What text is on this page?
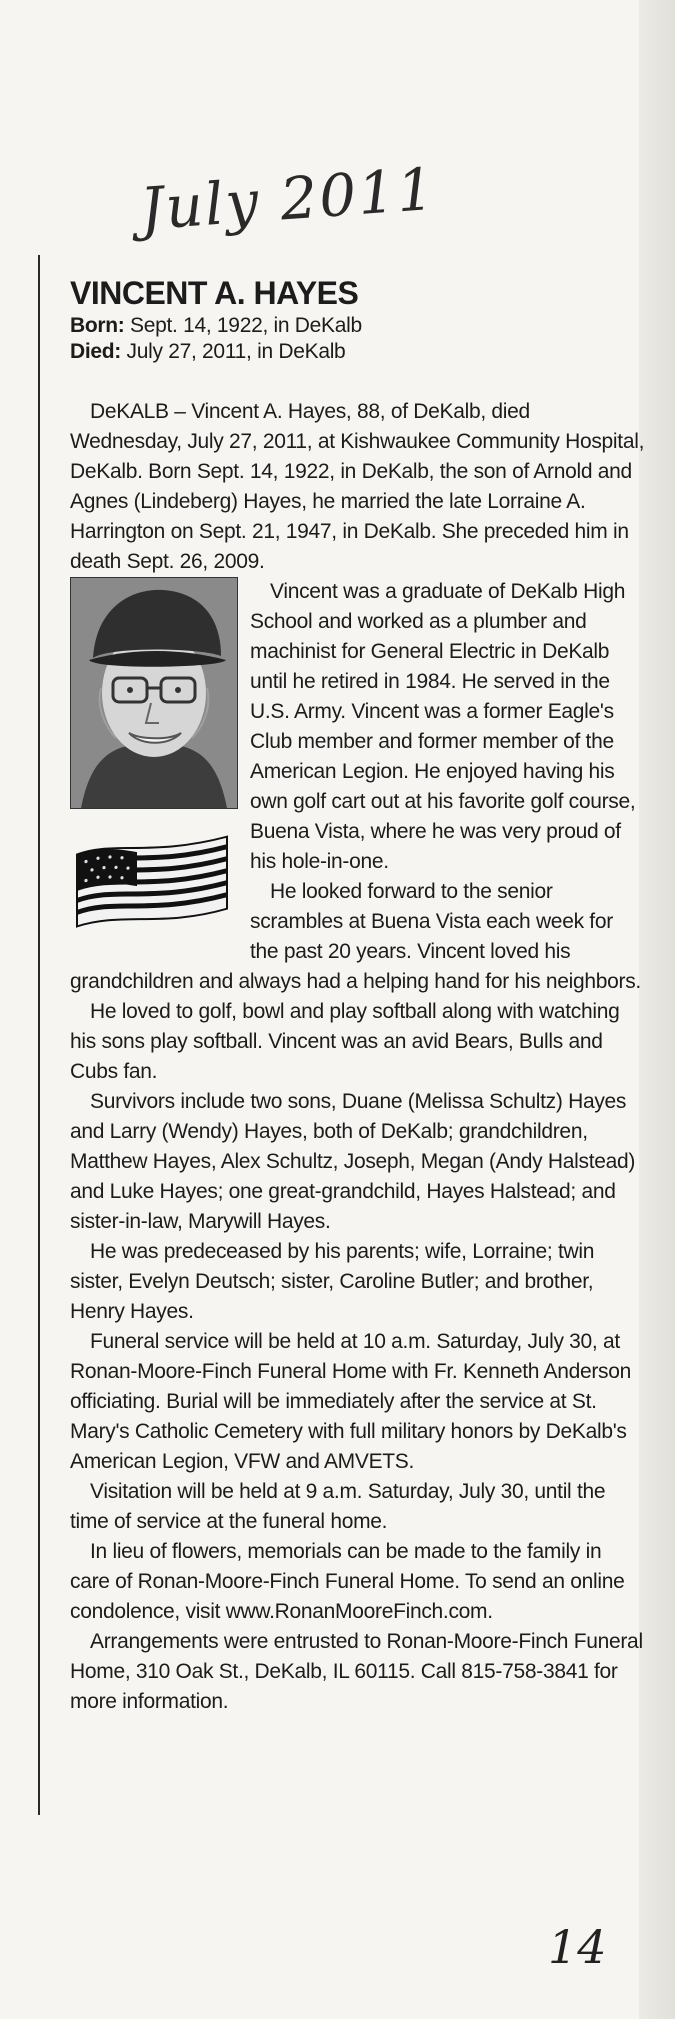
July 2011
VINCENT A. HAYES

Born: Sept. 14, 1922, in DeKalb

Died: July 27, 2011, in DeKalb

DeKALB – Vincent A. Hayes, 88, of DeKalb, died Wednesday, July 27, 2011, at Kishwaukee Community Hospital, DeKalb. Born Sept. 14, 1922, in DeKalb, the son of Arnold and Agnes (Lindeberg) Hayes, he married the late Lorraine A. Harrington on Sept. 21, 1947, in DeKalb. She preceded him in death Sept. 26, 2009.

Vincent was a graduate of DeKalb High School and worked as a plumber and machinist for General Electric in DeKalb until he retired in 1984. He served in the U.S. Army. Vincent was a former Eagle's Club member and former member of the American Legion. He enjoyed having his own golf cart out at his favorite golf course, Buena Vista, where he was very proud of his hole-in-one.

He looked forward to the senior scrambles at Buena Vista each week for the past 20 years. Vincent loved his grandchildren and always had a helping hand for his neighbors.

He loved to golf, bowl and play softball along with watching his sons play softball. Vincent was an avid Bears, Bulls and Cubs fan.

Survivors include two sons, Duane (Melissa Schultz) Hayes and Larry (Wendy) Hayes, both of DeKalb; grandchildren, Matthew Hayes, Alex Schultz, Joseph, Megan (Andy Halstead) and Luke Hayes; one great-grandchild, Hayes Halstead; and sister-in-law, Marywill Hayes.

He was predeceased by his parents; wife, Lorraine; twin sister, Evelyn Deutsch; sister, Caroline Butler; and brother, Henry Hayes.

Funeral service will be held at 10 a.m. Saturday, July 30, at Ronan-Moore-Finch Funeral Home with Fr. Kenneth Anderson officiating. Burial will be immediately after the service at St. Mary's Catholic Cemetery with full military honors by DeKalb's American Legion, VFW and AMVETS.

Visitation will be held at 9 a.m. Saturday, July 30, until the time of service at the funeral home.

In lieu of flowers, memorials can be made to the family in care of Ronan-Moore-Finch Funeral Home. To send an online condolence, visit www.RonanMooreFinch.com.

Arrangements were entrusted to Ronan-Moore-Finch Funeral Home, 310 Oak St., DeKalb, IL 60115. Call 815-758-3841 for more information.

14
